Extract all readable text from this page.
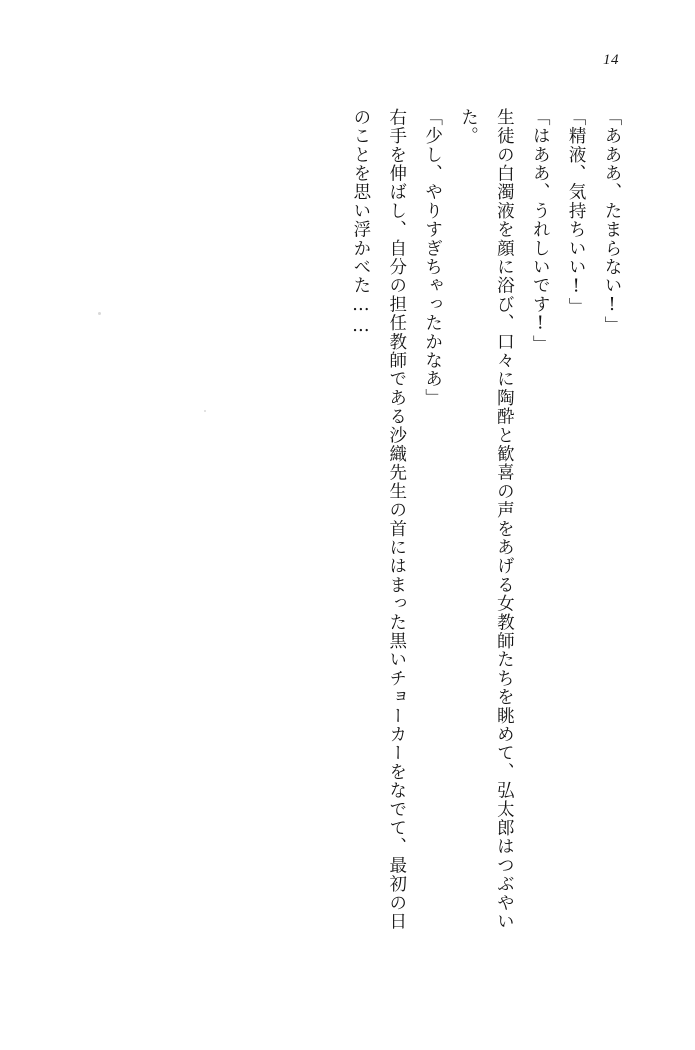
14

「あああ、たまらない!」

「精液、気持ちいい!」

「はああ、うれしいです!」

生徒の白濁液を顔に浴び、口々に陶酔と歓喜の声をあげる女教師たちを眺めて、弘太郎はつぶやいた。

「少し、やりすぎちゃったかなあ」

右手を伸ばし、自分の担任教師である沙織先生の首にはまった黒いチョーカーをなでて、最初の日のことを思い浮かべた……
